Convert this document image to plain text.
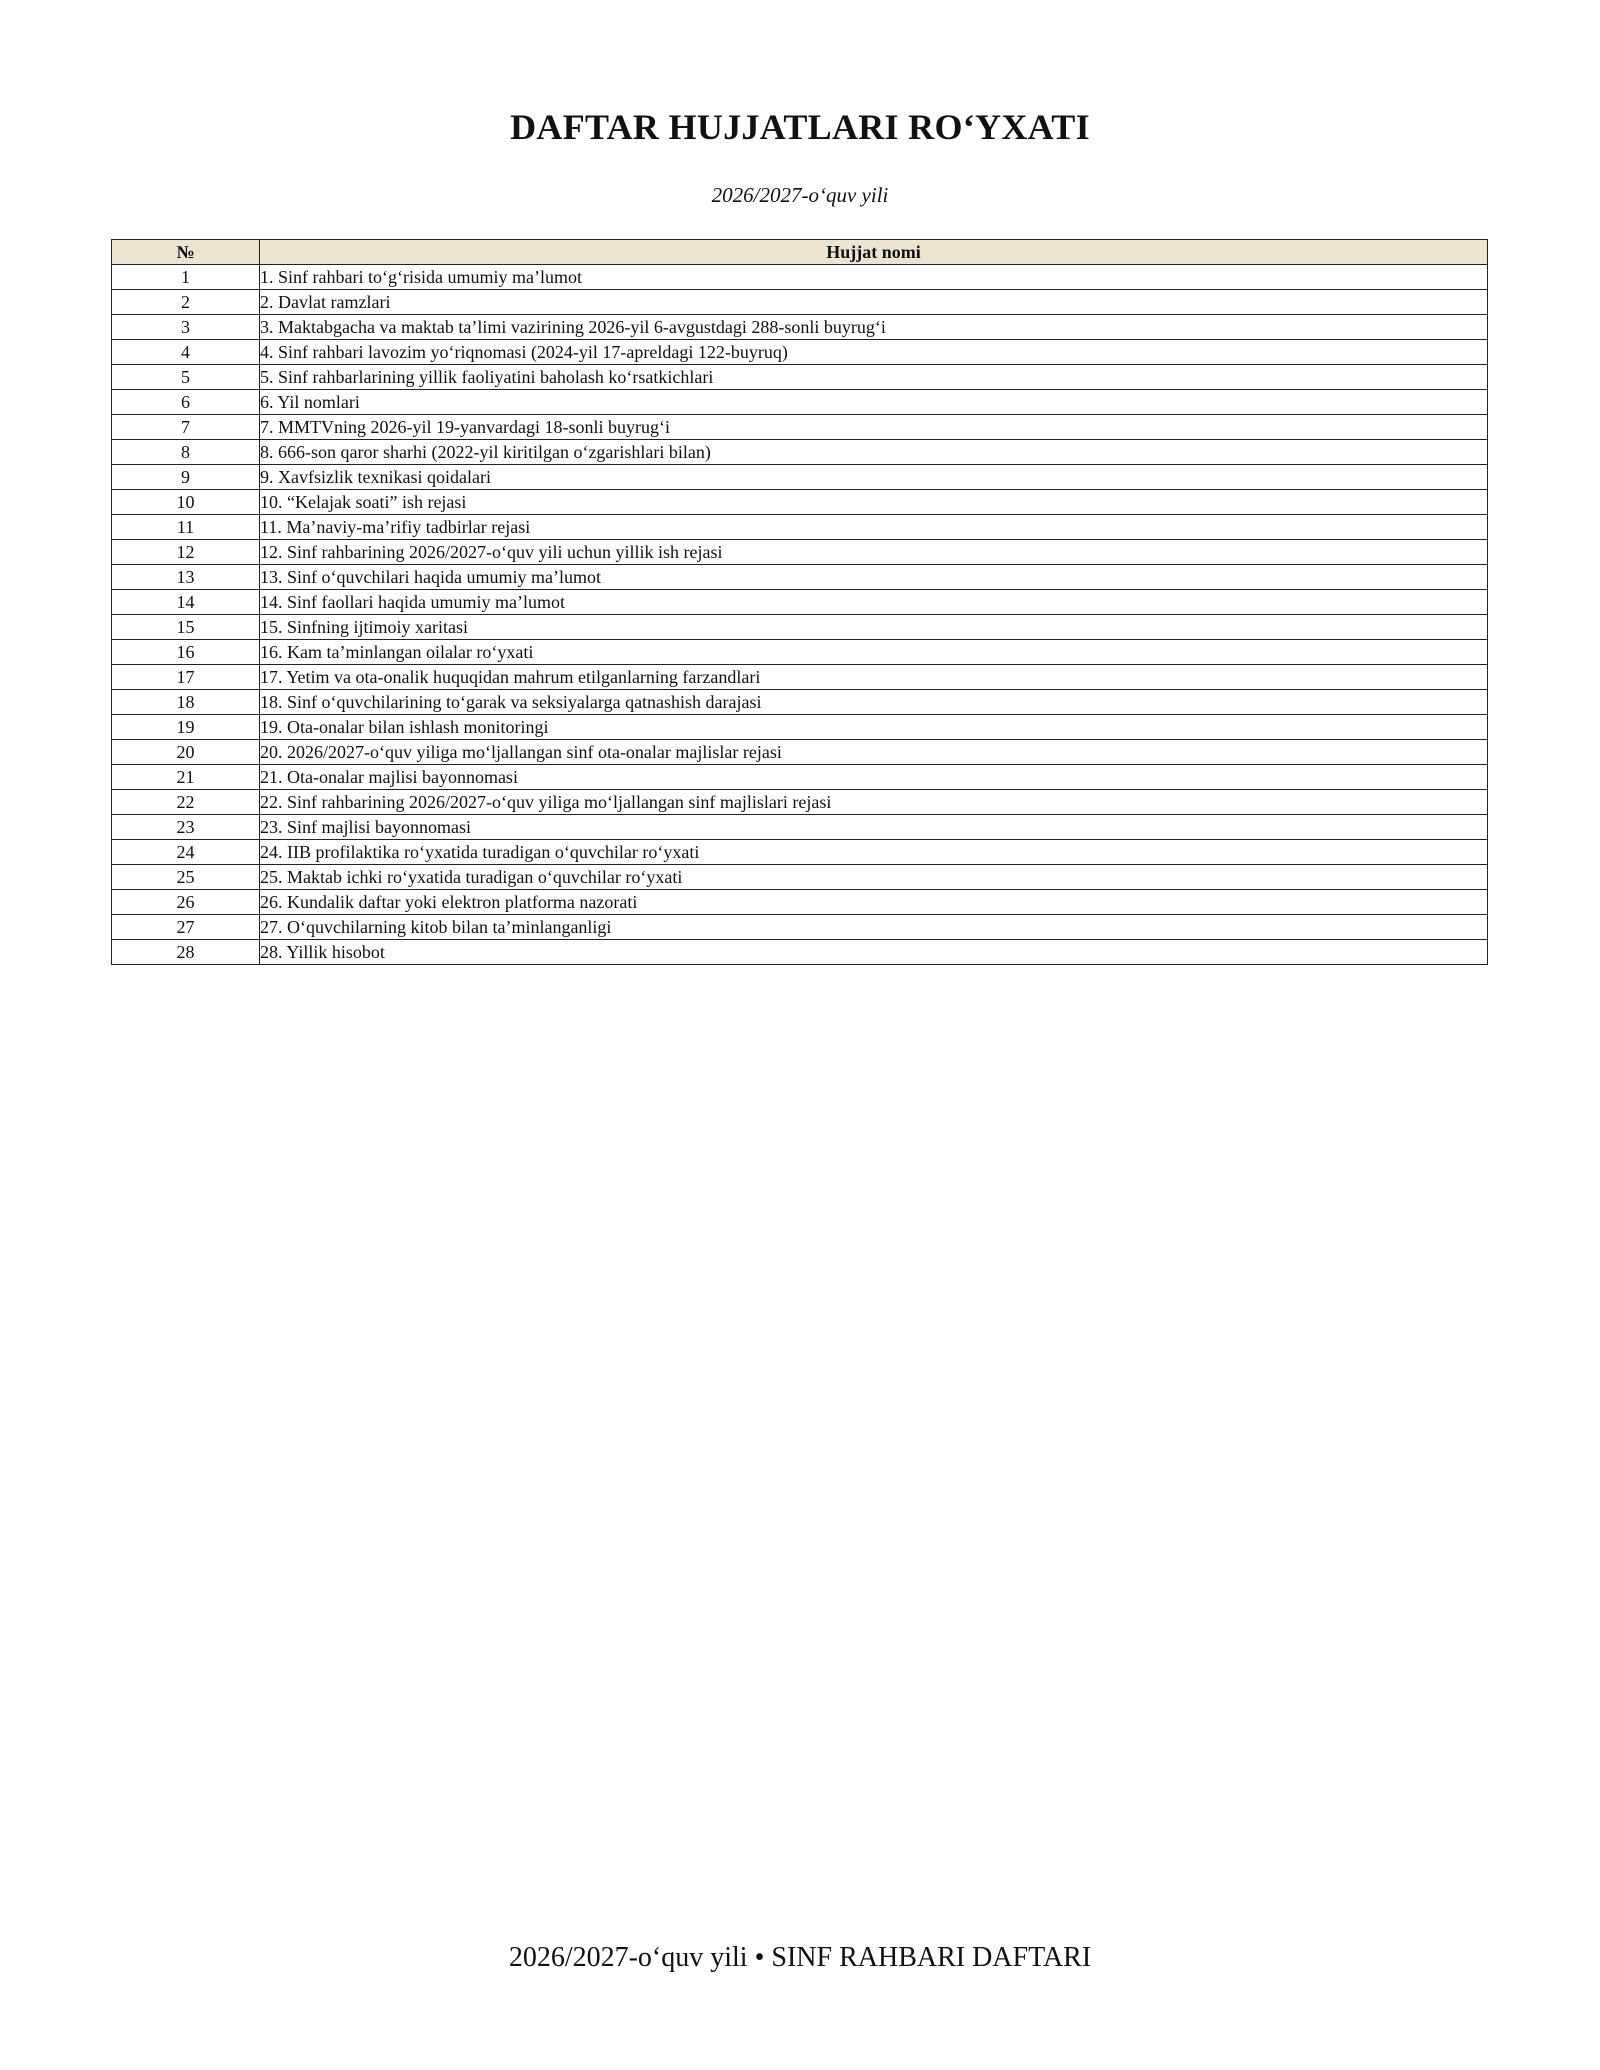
DAFTAR HUJJATLARI RO‘YXATI
2026/2027-o‘quv yili
№	Hujjat nomi
1	1. Sinf rahbari to‘g‘risida umumiy ma’lumot
2	2. Davlat ramzlari
3	3. Maktabgacha va maktab ta’limi vazirining 2026-yil 6-avgustdagi 288-sonli buyrug‘i
4	4. Sinf rahbari lavozim yo‘riqnomasi (2024-yil 17-apreldagi 122-buyruq)
5	5. Sinf rahbarlarining yillik faoliyatini baholash ko‘rsatkichlari
6	6. Yil nomlari
7	7. MMTVning 2026-yil 19-yanvardagi 18-sonli buyrug‘i
8	8. 666-son qaror sharhi (2022-yil kiritilgan o‘zgarishlari bilan)
9	9. Xavfsizlik texnikasi qoidalari
10	10. “Kelajak soati” ish rejasi
11	11. Ma’naviy-ma’rifiy tadbirlar rejasi
12	12. Sinf rahbarining 2026/2027-o‘quv yili uchun yillik ish rejasi
13	13. Sinf o‘quvchilari haqida umumiy ma’lumot
14	14. Sinf faollari haqida umumiy ma’lumot
15	15. Sinfning ijtimoiy xaritasi
16	16. Kam ta’minlangan oilalar ro‘yxati
17	17. Yetim va ota-onalik huquqidan mahrum etilganlarning farzandlari
18	18. Sinf o‘quvchilarining to‘garak va seksiyalarga qatnashish darajasi
19	19. Ota-onalar bilan ishlash monitoringi
20	20. 2026/2027-o‘quv yiliga mo‘ljallangan sinf ota-onalar majlislar rejasi
21	21. Ota-onalar majlisi bayonnomasi
22	22. Sinf rahbarining 2026/2027-o‘quv yiliga mo‘ljallangan sinf majlislari rejasi
23	23. Sinf majlisi bayonnomasi
24	24. IIB profilaktika ro‘yxatida turadigan o‘quvchilar ro‘yxati
25	25. Maktab ichki ro‘yxatida turadigan o‘quvchilar ro‘yxati
26	26. Kundalik daftar yoki elektron platforma nazorati
27	27. O‘quvchilarning kitob bilan ta’minlanganligi
28	28. Yillik hisobot
2026/2027-o‘quv yili • SINF RAHBARI DAFTARI
